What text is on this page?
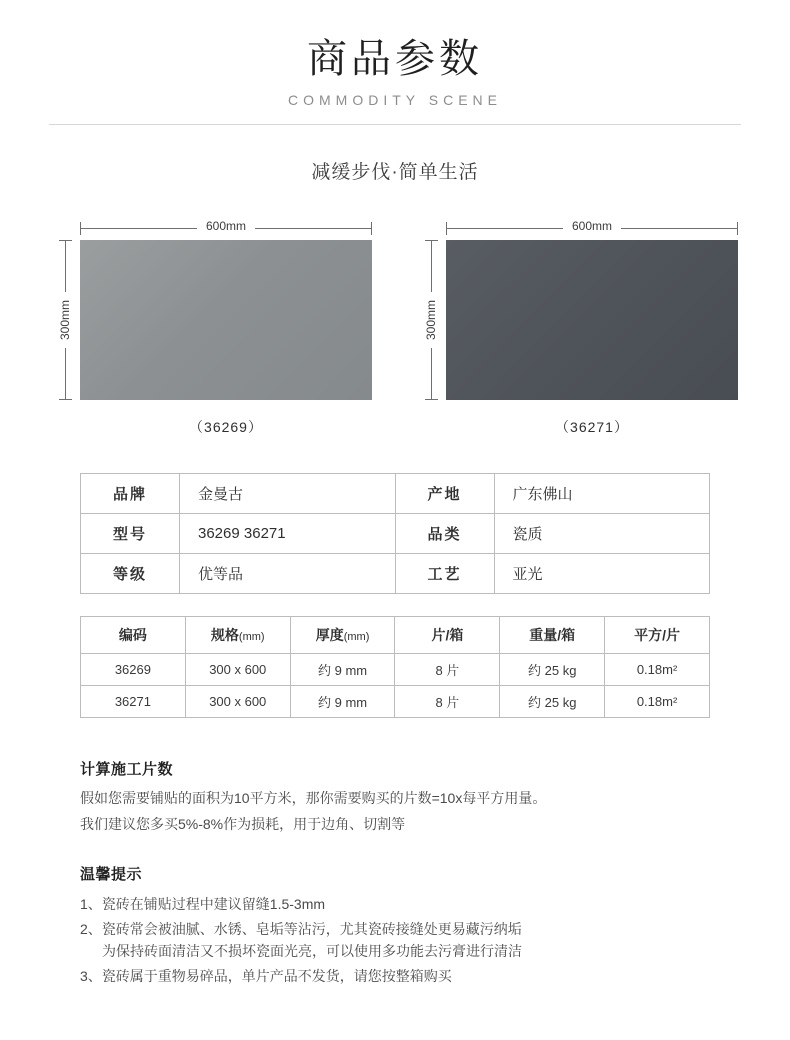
商品参数
COMMODITY SCENE
减缓步伐·简单生活
600mm
300mm
（36269）
600mm
300mm
（36271）
品牌	金曼古	产地	广东佛山
型号	36269 36271	品类	瓷质
等级	优等品	工艺	亚光
编码	规格(mm)	厚度(mm)	片/箱	重量/箱	平方/片
36269	300 x 600	约 9 mm	8 片	约 25 kg	0.18m²
36271	300 x 600	约 9 mm	8 片	约 25 kg	0.18m²
计算施工片数

假如您需要铺贴的面积为10平方米，那你需要购买的片数=10x每平方用量。

我们建议您多买5%-8%作为损耗，用于边角、切割等

温馨提示
1、瓷砖在铺贴过程中建议留缝1.5-3mm
2、瓷砖常会被油腻、水锈、皂垢等沾污，尤其瓷砖接缝处更易藏污纳垢
为保持砖面清洁又不损坏瓷面光亮，可以使用多功能去污膏进行清洁
3、瓷砖属于重物易碎品，单片产品不发货，请您按整箱购买
